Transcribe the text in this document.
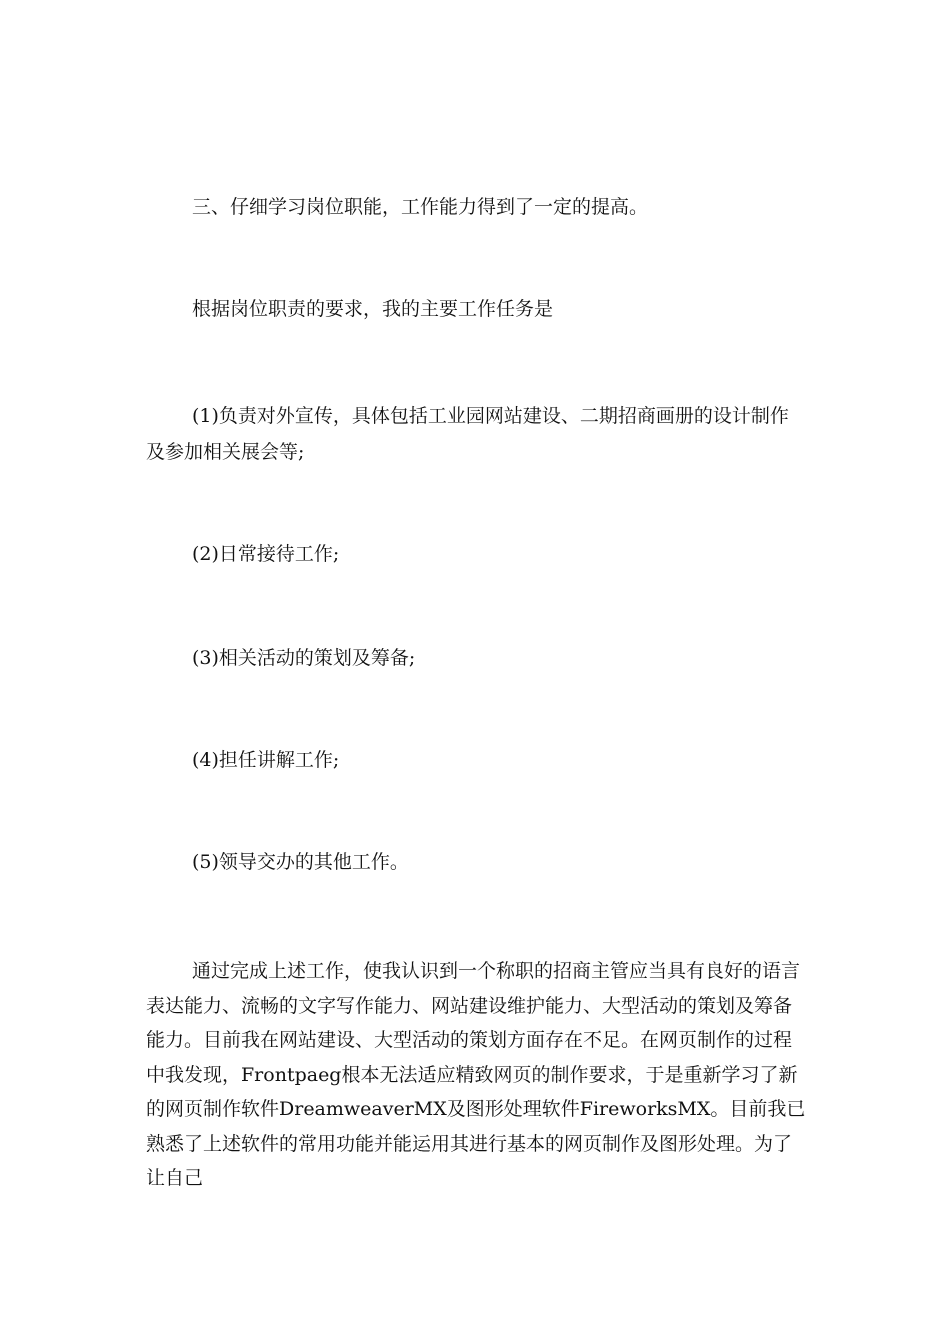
三、仔细学习岗位职能，工作能力得到了一定的提高。

根据岗位职责的要求，我的主要工作任务是

(1)负责对外宣传，具体包括工业园网站建设、二期招商画册的设计制作及参加相关展会等;

(2)日常接待工作;

(3)相关活动的策划及筹备;

(4)担任讲解工作;

(5)领导交办的其他工作。

通过完成上述工作，使我认识到一个称职的招商主管应当具有良好的语言表达能力、流畅的文字写作能力、网站建设维护能力、大型活动的策划及筹备能力。目前我在网站建设、大型活动的策划方面存在不足。在网页制作的过程中我发现，Frontpaeg根本无法适应精致网页的制作要求，于是重新学习了新的网页制作软件DreamweaverMX及图形处理软件FireworksMX。目前我已熟悉了上述软件的常用功能并能运用其进行基本的网页制作及图形处理。为了让自己
